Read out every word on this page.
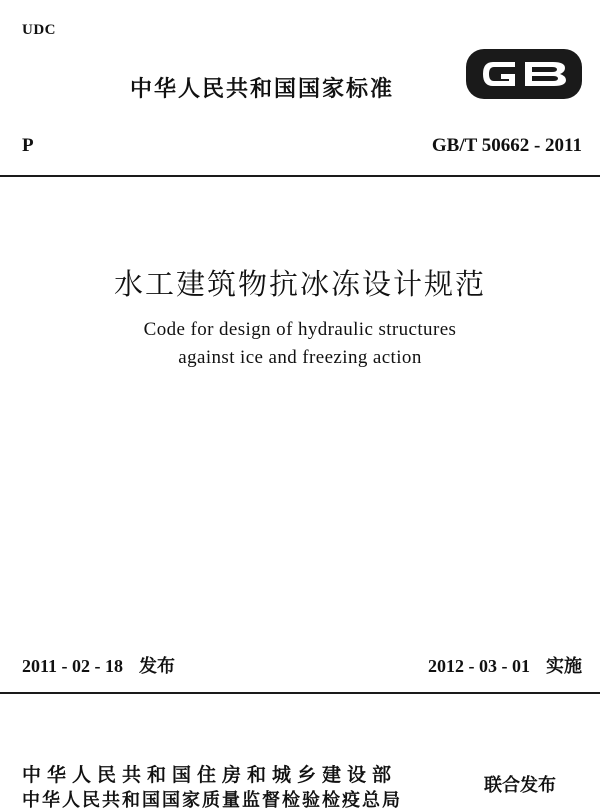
UDC
中华人民共和国国家标准
P	GB/T 50662 - 2011
水工建筑物抗冰冻设计规范
Code for design of hydraulic structures
against ice and freezing action
2011 - 02 - 18 发布	2012 - 03 - 01 实施
中华人民共和国住房和城乡建设部
中华人民共和国国家质量监督检验检疫总局
联合发布
